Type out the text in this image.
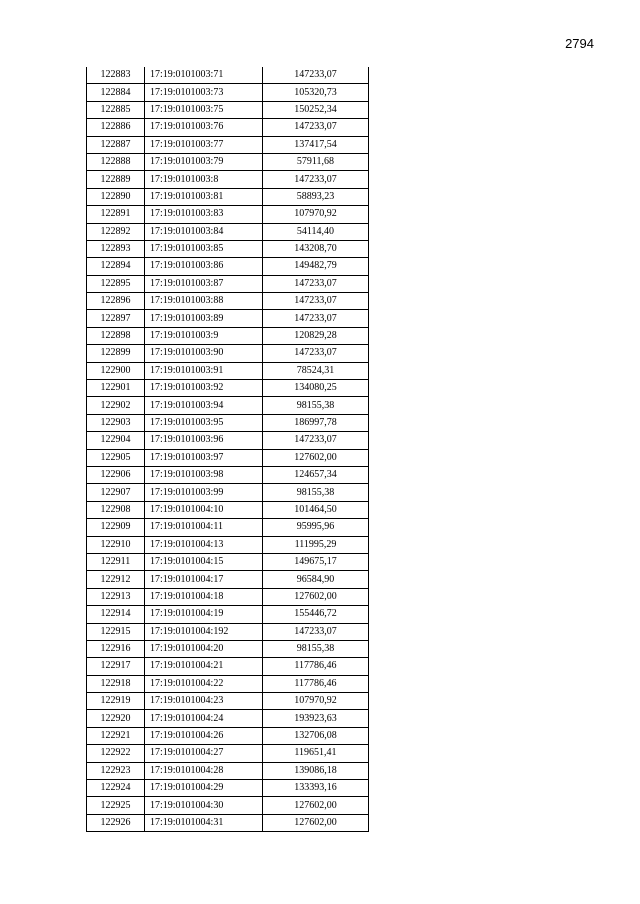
2794
122883	17:19:0101003:71	147233,07
122884	17:19:0101003:73	105320,73
122885	17:19:0101003:75	150252,34
122886	17:19:0101003:76	147233,07
122887	17:19:0101003:77	137417,54
122888	17:19:0101003:79	57911,68
122889	17:19:0101003:8	147233,07
122890	17:19:0101003:81	58893,23
122891	17:19:0101003:83	107970,92
122892	17:19:0101003:84	54114,40
122893	17:19:0101003:85	143208,70
122894	17:19:0101003:86	149482,79
122895	17:19:0101003:87	147233,07
122896	17:19:0101003:88	147233,07
122897	17:19:0101003:89	147233,07
122898	17:19:0101003:9	120829,28
122899	17:19:0101003:90	147233,07
122900	17:19:0101003:91	78524,31
122901	17:19:0101003:92	134080,25
122902	17:19:0101003:94	98155,38
122903	17:19:0101003:95	186997,78
122904	17:19:0101003:96	147233,07
122905	17:19:0101003:97	127602,00
122906	17:19:0101003:98	124657,34
122907	17:19:0101003:99	98155,38
122908	17:19:0101004:10	101464,50
122909	17:19:0101004:11	95995,96
122910	17:19:0101004:13	111995,29
122911	17:19:0101004:15	149675,17
122912	17:19:0101004:17	96584,90
122913	17:19:0101004:18	127602,00
122914	17:19:0101004:19	155446,72
122915	17:19:0101004:192	147233,07
122916	17:19:0101004:20	98155,38
122917	17:19:0101004:21	117786,46
122918	17:19:0101004:22	117786,46
122919	17:19:0101004:23	107970,92
122920	17:19:0101004:24	193923,63
122921	17:19:0101004:26	132706,08
122922	17:19:0101004:27	119651,41
122923	17:19:0101004:28	139086,18
122924	17:19:0101004:29	133393,16
122925	17:19:0101004:30	127602,00
122926	17:19:0101004:31	127602,00
